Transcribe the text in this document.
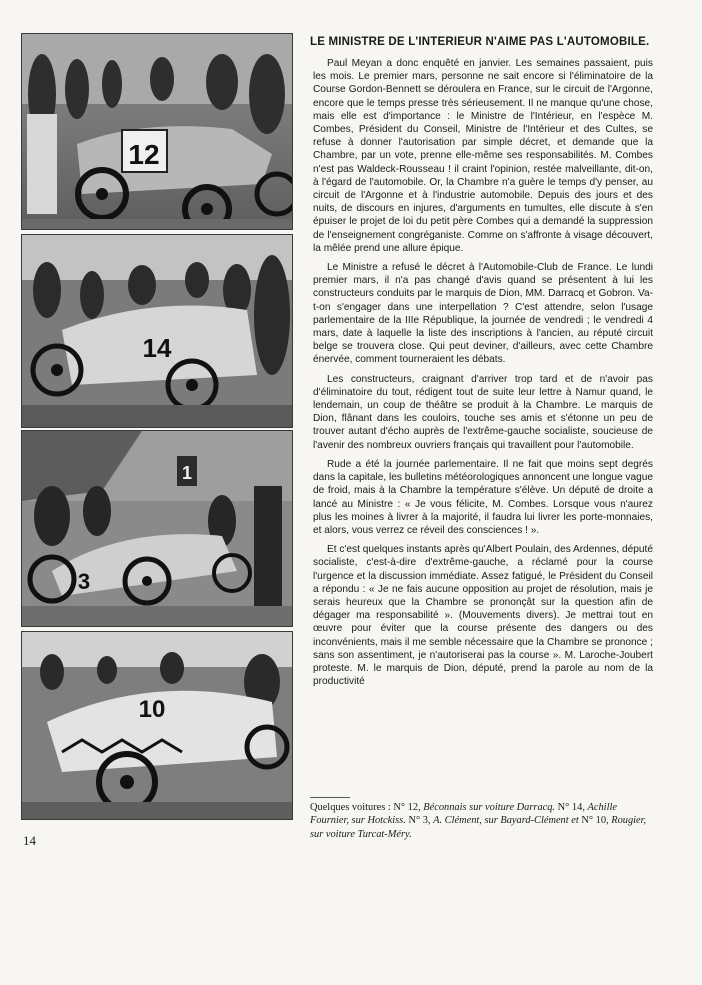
12
14
1
3
10
LE MINISTRE DE L'INTERIEUR N'AIME PAS L'AUTOMOBILE.

Paul Meyan a donc enquêté en janvier. Les semaines passaient, puis les mois. Le premier mars, personne ne sait encore si l'éliminatoire de la Course Gordon-Bennett se déroulera en France, sur le circuit de l'Argonne, encore que le temps presse très sérieusement. Il ne manque qu'une chose, mais elle est d'importance : le Ministre de l'Intérieur, en l'espèce M. Combes, Président du Conseil, Ministre de l'Intérieur et des Cultes, se refuse à donner l'autorisation par simple décret, et demande que la Chambre, par un vote, prenne elle-même ses responsabilités. M. Combes n'est pas Waldeck-Rousseau ! il craint l'opinion, restée malveillante, dit-on, à l'égard de l'automobile. Or, la Chambre n'a guère le temps d'y penser, au circuit de l'Argonne et à l'industrie automobile. Depuis des jours et des nuits, de discours en injures, d'arguments en tumultes, elle discute à s'en épuiser le projet de loi du petit père Combes qui a demandé la suppression de l'enseignement congréganiste. Comme on s'affronte à visage découvert, la mêlée prend une allure épique.

Le Ministre a refusé le décret à l'Automobile-Club de France. Le lundi premier mars, il n'a pas changé d'avis quand se présentent à lui les constructeurs conduits par le marquis de Dion, MM. Darracq et Gobron. Va-t-on s'engager dans une interpellation ? C'est attendre, selon l'usage parlementaire de la IIIe République, la journée de vendredi ; le vendredi 4 mars, date à laquelle la liste des inscriptions à l'ancien, au réputé circuit belge se trouvera close. Qui peut deviner, d'ailleurs, avec cette Chambre énervée, comment tourneraient les débats.

Les constructeurs, craignant d'arriver trop tard et de n'avoir pas d'éliminatoire du tout, rédigent tout de suite leur lettre à Namur quand, le lendemain, un coup de théâtre se produit à la Chambre. Le marquis de Dion, flânant dans les couloirs, touche ses amis et s'étonne un peu de trouver autant d'écho auprès de l'extrême-gauche socialiste, soucieuse de l'avenir des nombreux ouvriers français qui travaillent pour l'automobile.

Rude a été la journée parlementaire. Il ne fait que moins sept degrés dans la capitale, les bulletins météorologiques annoncent une longue vague de froid, mais à la Chambre la température s'élève. Un député de droite a lancé au Ministre : « Je vous félicite, M. Combes. Lorsque vous n'aurez plus les moines à livrer à la majorité, il faudra lui livrer les porte-monnaies, et alors, vous verrez ce réveil des consciences ! ».

Et c'est quelques instants après qu'Albert Poulain, des Ardennes, député socialiste, c'est-à-dire d'extrême-gauche, a réclamé pour la course l'urgence et la discussion immédiate. Assez fatigué, le Président du Conseil a répondu : « Je ne fais aucune opposition au projet de résolution, mais je serais heureux que la Chambre se prononçât sur la question afin de dégager ma responsabilité ». (Mouvements divers). Je mettrai tout en œuvre pour éviter que la course présente des dangers ou des inconvénients, mais il me semble nécessaire que la Chambre se prononce ; sans son assentiment, je n'autoriserai pas la course ». M. Laroche-Joubert proteste. M. le marquis de Dion, député, prend la parole au nom de la productivité

Quelques voitures : N° 12, Béconnais sur voiture Darracq. N° 14, Achille Fournier, sur Hotckiss. N° 3, A. Clément, sur Bayard-Clément et N° 10, Rougier, sur voiture Turcat-Méry.
14
